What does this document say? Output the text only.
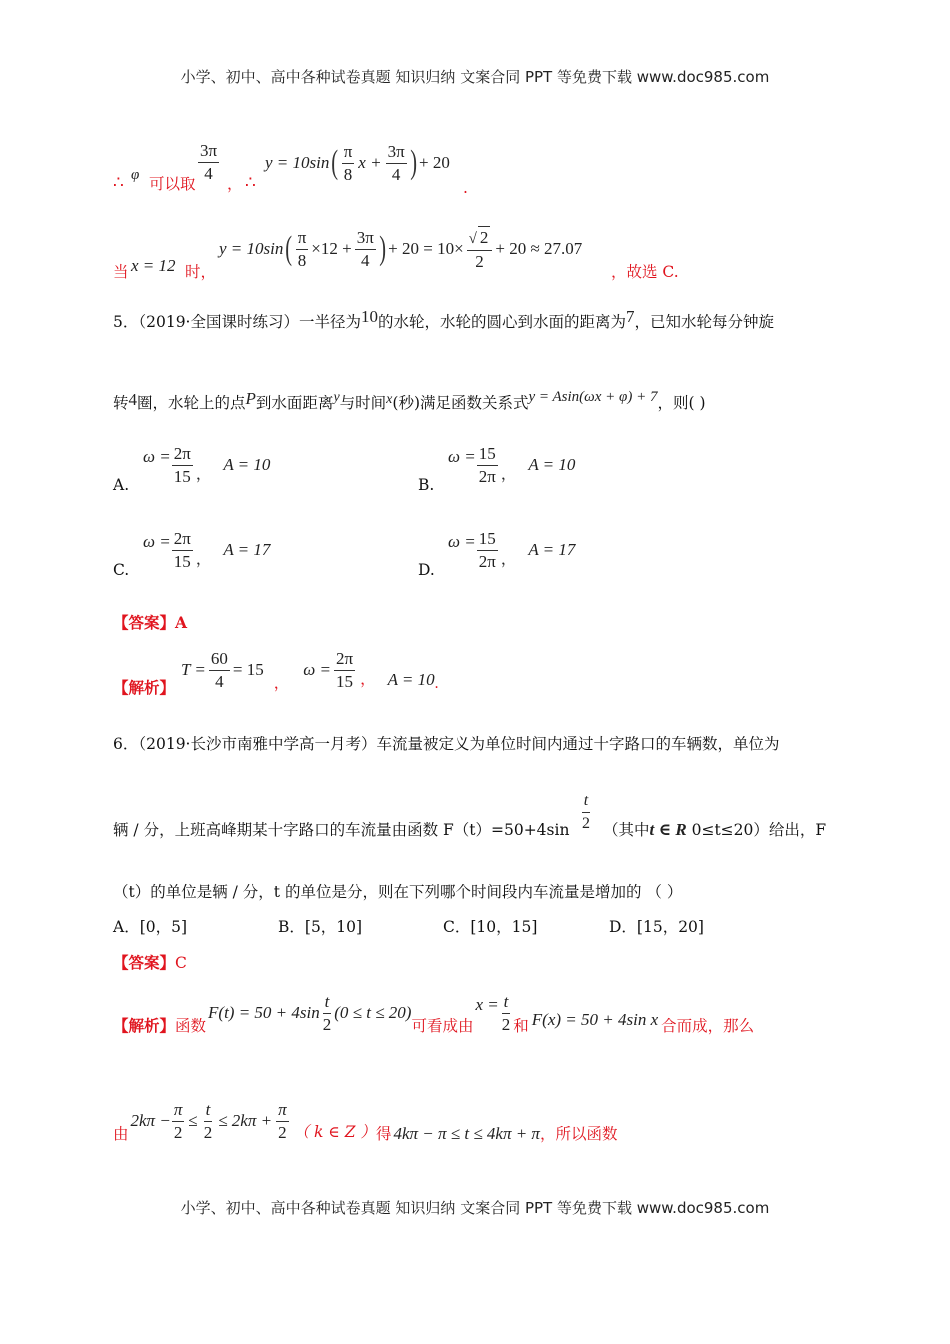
小学、初中、高中各种试卷真题 知识归纳 文案合同 PPT 等免费下载 www.doc985.com
∴ φ 可以取 $\frac{3\pi}{4}$ ， ∴
y = 10sin ( $\frac{\pi}{8}$ $x + \frac{3\pi}{4}$ ) + 20
.
当 x = 12 时，
y = 10sin ( $\frac{\pi}{8} \times 12 + \frac{3\pi}{4}$ ) + $20 = 10\times \frac{√ 2}{2} + 20 \approx 27.07$
，故选 C.
5．（2019·全国课时练习）一半径为10的水轮，水轮的圆心到水面的距离为7，已知水轮每分钟旋
转4圈，水轮上的点P到水面距离y与时间x(秒)满足函数关系式y = Asin(ωx + φ) + 7，则( )
A.
$\omega = \frac{2\pi}{15}$ ，
A = 10
B.
$\omega = \frac{15}{2\pi}$ ，
A = 10
C.
$\omega = \frac{2\pi}{15}$ ，
A = 17
D.
$\omega = \frac{15}{2\pi}$ ，
A = 17
【答案】A
【解析】
$T = \frac{60}{4} = 15$
，
$\omega = \frac{2\pi}{15}$ ， A = 10 .
6．（2019·长沙市南雅中学高一月考）车流量被定义为单位时间内通过十字路口的车辆数，单位为
辆 / 分，上班高峰期某十字路口的车流量由函数 $F(t)=50+4\sin \frac{t}{2}$ （其中t ∈ R 0≤t≤20）给出，F
（t）的单位是辆 / 分，t 的单位是分，则在下列哪个时间段内车流量是增加的 （ ）
A．[0，5]	B．[5，10]	C．[10，15]	D．[15，20]
【答案】C
【解析】 函数
$F(t) = 50 + 4\sin \frac{t}{2} (0 \le t \le 20)$
可看成由
$x = \frac{t}{2}$ 和 F(x) = 50 + 4sin x 合而成，那么
由
$2k\pi - \frac{\pi}{2} \le \frac{t}{2} \le 2k\pi + \frac{\pi}{2}$ （ k ∈ Z ） 得 4kπ − π ≤ t ≤ 4kπ + π ，所以函数
小学、初中、高中各种试卷真题 知识归纳 文案合同 PPT 等免费下载 www.doc985.com
